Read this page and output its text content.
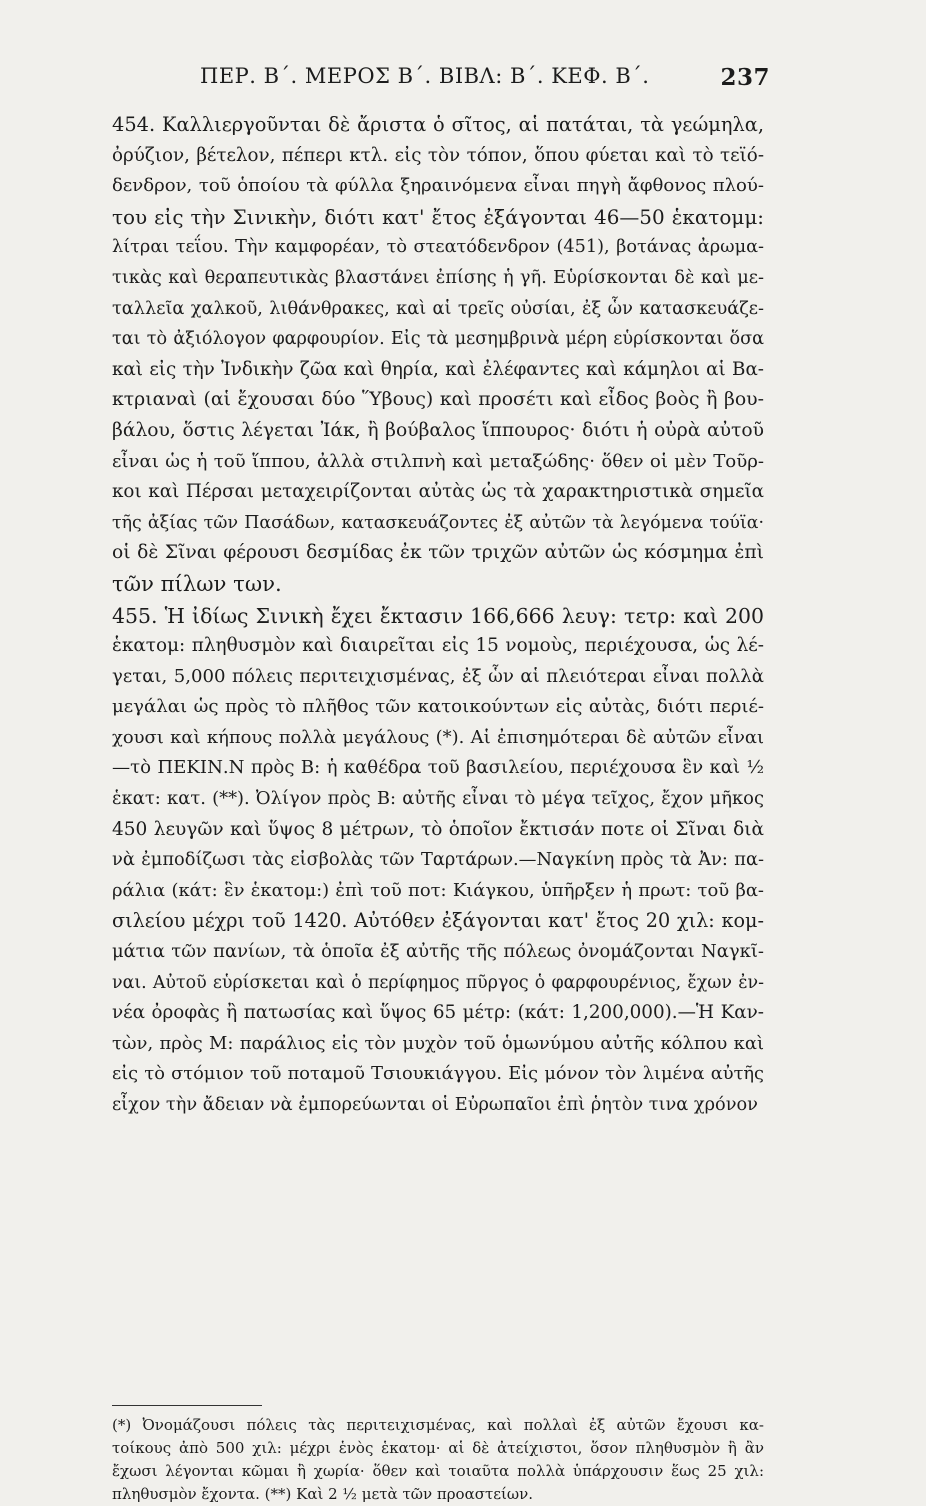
ΠΕΡ. Β΄. ΜΕΡΟΣ Β΄. ΒΙΒΛ: Β΄. ΚΕΦ. Β΄.	237

454. Καλλιεργοῦνται δὲ ἄριστα ὁ σῖτος, αἱ πατάται, τὰ γεώμηλα,
ὀρύζιον, βέτελον, πέπερι κτλ. εἰς τὸν τόπον, ὅπου φύεται καὶ τὸ τεϊό-
δενδρον, τοῦ ὁποίου τὰ φύλλα ξηραινόμενα εἶναι πηγὴ ἄφθονος πλού-
του εἰς τὴν Σινικὴν, διότι κατ' ἔτος ἐξάγονται 46—50 ἑκατομμ:
λίτραι τεΐου. Τὴν καμφορέαν, τὸ στεατόδενδρον (451), βοτάνας ἀρωμα-
τικὰς καὶ θεραπευτικὰς βλαστάνει ἐπίσης ἡ γῆ. Εὑρίσκονται δὲ καὶ με-
ταλλεῖα χαλκοῦ, λιθάνθρακες, καὶ αἱ τρεῖς οὐσίαι, ἐξ ὧν κατασκευάζε-
ται τὸ ἀξιόλογον φαρφουρίον. Εἰς τὰ μεσημβρινὰ μέρη εὑρίσκονται ὅσα
καὶ εἰς τὴν Ἰνδικὴν ζῶα καὶ θηρία, καὶ ἐλέφαντες καὶ κάμηλοι αἱ Βα-
κτριαναὶ (αἱ ἔχουσαι δύο Ὕβους) καὶ προσέτι καὶ εἶδος βοὸς ἢ βου-
βάλου, ὅστις λέγεται Ἰάκ, ἢ βούβαλος ἵππουρος· διότι ἡ οὐρὰ αὐτοῦ
εἶναι ὡς ἡ τοῦ ἵππου, ἀλλὰ στιλπνὴ καὶ μεταξώδης· ὅθεν οἱ μὲν Τοῦρ-
κοι καὶ Πέρσαι μεταχειρίζονται αὐτὰς ὡς τὰ χαρακτηριστικὰ σημεῖα
τῆς ἀξίας τῶν Πασάδων, κατασκευάζοντες ἐξ αὐτῶν τὰ λεγόμενα τούϊα·
οἱ δὲ Σῖναι φέρουσι δεσμίδας ἐκ τῶν τριχῶν αὐτῶν ὡς κόσμημα ἐπὶ
τῶν πίλων των.

455. Ἡ ἰδίως Σινικὴ ἔχει ἔκτασιν 166,666 λευγ: τετρ: καὶ 200
ἑκατομ: πληθυσμὸν καὶ διαιρεῖται εἰς 15 νομοὺς, περιέχουσα, ὡς λέ-
γεται, 5,000 πόλεις περιτειχισμένας, ἐξ ὧν αἱ πλειότεραι εἶναι πολλὰ
μεγάλαι ὡς πρὸς τὸ πλῆθος τῶν κατοικούντων εἰς αὐτὰς, διότι περιέ-
χουσι καὶ κήπους πολλὰ μεγάλους (*). Αἱ ἐπισημότεραι δὲ αὐτῶν εἶναι
—τὸ ΠΕΚΙΝ.Ν πρὸς Β: ἡ καθέδρα τοῦ βασιλείου, περιέχουσα ἓν καὶ ½
ἑκατ: κατ. (**). Ὀλίγον πρὸς Β: αὐτῆς εἶναι τὸ μέγα τεῖχος, ἔχον μῆκος
450 λευγῶν καὶ ὕψος 8 μέτρων, τὸ ὁποῖον ἔκτισάν ποτε οἱ Σῖναι διὰ
νὰ ἐμποδίζωσι τὰς εἰσβολὰς τῶν Ταρτάρων.—Ναγκίνη πρὸς τὰ Ἀν: πα-
ράλια (κάτ: ἓν ἑκατομ:) ἐπὶ τοῦ ποτ: Κιάγκου, ὑπῆρξεν ἡ πρωτ: τοῦ βα-
σιλείου μέχρι τοῦ 1420. Αὐτόθεν ἐξάγονται κατ' ἔτος 20 χιλ: κομ-
μάτια τῶν πανίων, τὰ ὁποῖα ἐξ αὐτῆς τῆς πόλεως ὀνομάζονται Ναγκῖ-
ναι. Αὐτοῦ εὑρίσκεται καὶ ὁ περίφημος πῦργος ὁ φαρφουρένιος, ἔχων ἐν-
νέα ὀροφὰς ἢ πατωσίας καὶ ὕψος 65 μέτρ: (κάτ: 1,200,000).—Ἡ Καν-
τὼν, πρὸς Μ: παράλιος εἰς τὸν μυχὸν τοῦ ὁμωνύμου αὐτῆς κόλπου καὶ
εἰς τὸ στόμιον τοῦ ποταμοῦ Τσιουκιάγγου. Εἰς μόνον τὸν λιμένα αὐτῆς
εἶχον τὴν ἄδειαν νὰ ἐμπορεύωνται οἱ Εὐρωπαῖοι ἐπὶ ῥητὸν τινα χρόνον

(*) Ὀνομάζουσι πόλεις τὰς περιτειχισμένας, καὶ πολλαὶ ἐξ αὐτῶν ἔχουσι κα-
τοίκους ἀπὸ 500 χιλ: μέχρι ἑνὸς ἑκατομ· αἱ δὲ ἀτείχιστοι, ὅσον πληθυσμὸν ἢ ἂν
ἔχωσι λέγονται κῶμαι ἢ χωρία· ὅθεν καὶ τοιαῦτα πολλὰ ὑπάρχουσιν ἕως 25 χιλ:
πληθυσμὸν ἔχοντα. (**) Καὶ 2 ½ μετὰ τῶν προαστείων.
